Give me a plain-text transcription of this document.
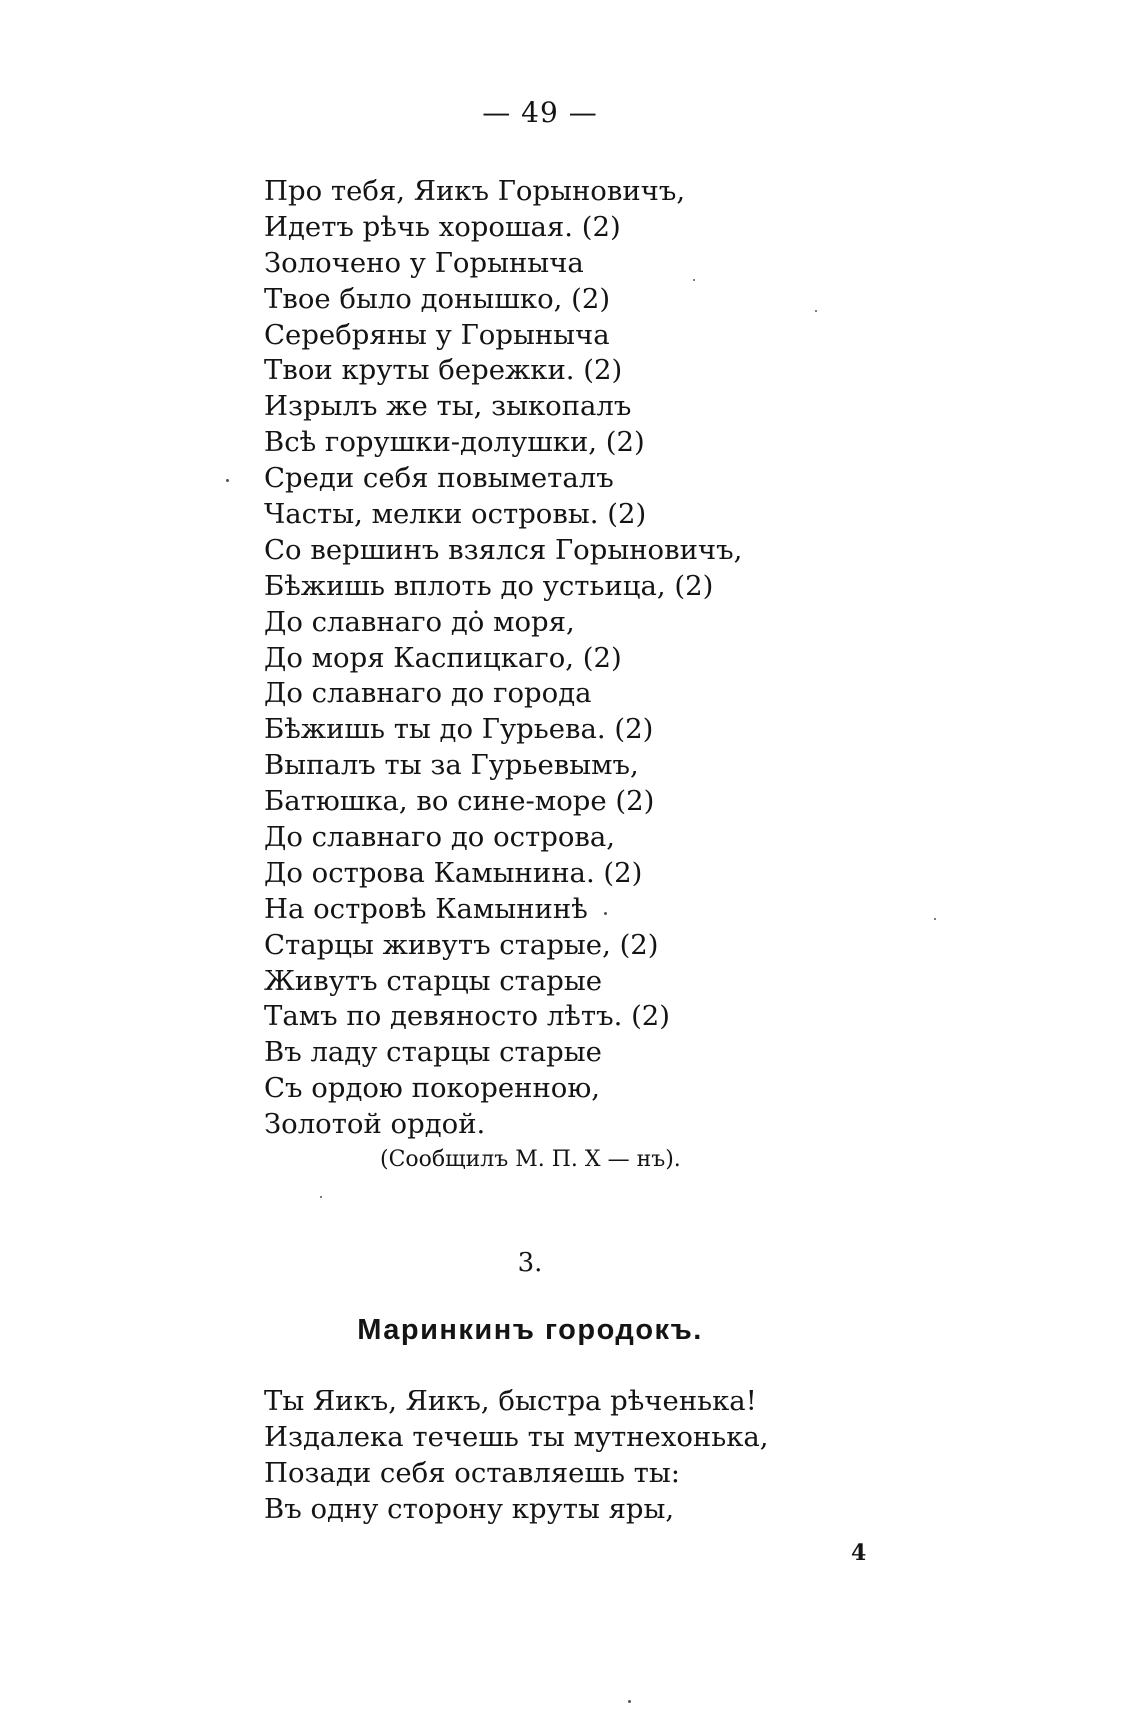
— 49 —
Про тебя, Яикъ Горыновичъ,
Идетъ рѣчь хорошая. (2)
Золочено у Горыныча
Твое было донышко, (2)
Серебряны у Горыныча
Твои круты бережки. (2)
Изрылъ же ты, зыкопалъ
Всѣ горушки-долушки, (2)
Среди себя повыметалъ
Часты, мелки островы. (2)
Со вершинъ взялся Горыновичъ,
Бѣжишь вплоть до устьица, (2)
До славнаго дȯ моря,
До моря Каспицкаго, (2)
До славнаго до города
Бѣжишь ты до Гурьева. (2)
Выпалъ ты за Гурьевымъ,
Батюшка, во сине-море (2)
До славнаго до острова,
До острова Камынина. (2)
На островѣ Камынинѣ
Старцы живутъ старые, (2)
Живутъ старцы старые
Тамъ по девяносто лѣтъ. (2)
Въ ладу старцы старые
Съ ордою покоренною,
Золотой ордой.
(Сообщилъ М. П. Х — нъ).
3.
Маринкинъ городокъ.
Ты Яикъ, Яикъ, быстра рѣченька!
Издалека течешь ты мутнехонька,
Позади себя оставляешь ты:
Въ одну сторону круты яры,
4
